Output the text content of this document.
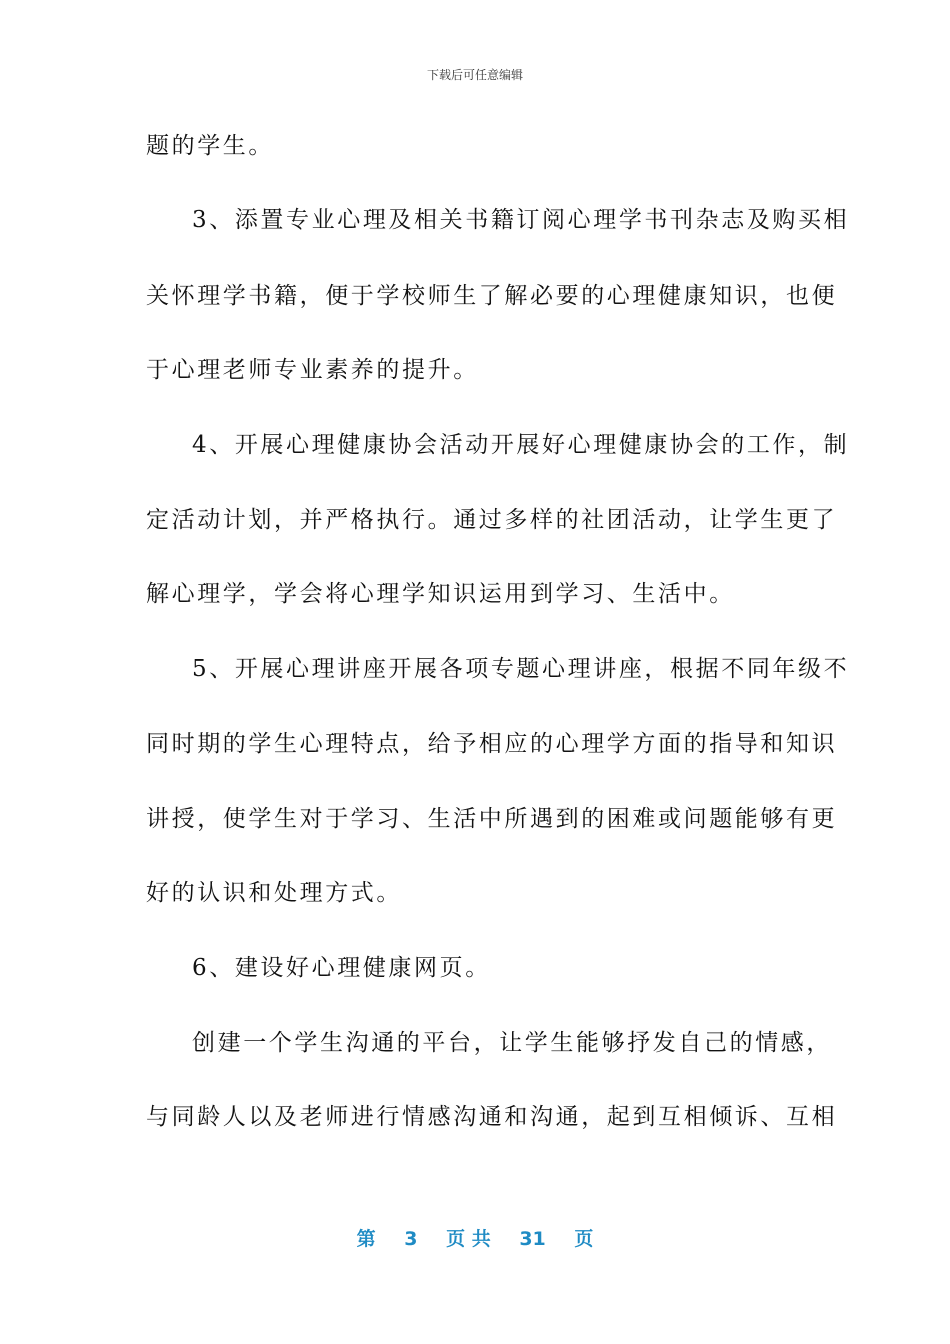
下载后可任意编辑
题的学生。
3、添置专业心理及相关书籍订阅心理学书刊杂志及购买相
关怀理学书籍，便于学校师生了解必要的心理健康知识，也便
于心理老师专业素养的提升。
4、开展心理健康协会活动开展好心理健康协会的工作，制
定活动计划，并严格执行。通过多样的社团活动，让学生更了
解心理学，学会将心理学知识运用到学习、生活中。
5、开展心理讲座开展各项专题心理讲座，根据不同年级不
同时期的学生心理特点，给予相应的心理学方面的指导和知识
讲授，使学生对于学习、生活中所遇到的困难或问题能够有更
好的认识和处理方式。
6、建设好心理健康网页。
创建一个学生沟通的平台，让学生能够抒发自己的情感，
与同龄人以及老师进行情感沟通和沟通，起到互相倾诉、互相
第 3 页 共 31 页
